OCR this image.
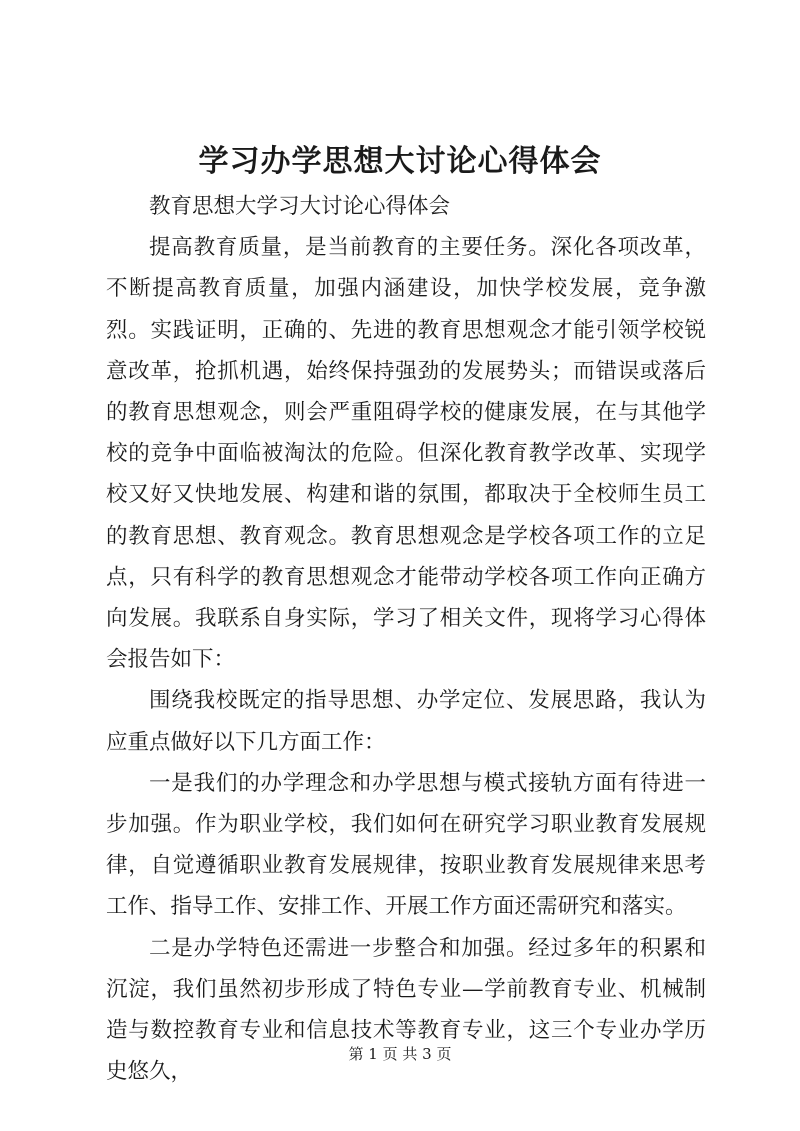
学习办学思想大讨论心得体会

教育思想大学习大讨论心得体会

提高教育质量，是当前教育的主要任务。深化各项改革，不断提高教育质量，加强内涵建设，加快学校发展，竞争激烈。实践证明，正确的、先进的教育思想观念才能引领学校锐意改革，抢抓机遇，始终保持强劲的发展势头；而错误或落后的教育思想观念，则会严重阻碍学校的健康发展，在与其他学校的竞争中面临被淘汰的危险。但深化教育教学改革、实现学校又好又快地发展、构建和谐的氛围，都取决于全校师生员工的教育思想、教育观念。教育思想观念是学校各项工作的立足点，只有科学的教育思想观念才能带动学校各项工作向正确方向发展。我联系自身实际，学习了相关文件，现将学习心得体会报告如下：

围绕我校既定的指导思想、办学定位、发展思路，我认为应重点做好以下几方面工作：

一是我们的办学理念和办学思想与模式接轨方面有待进一步加强。作为职业学校，我们如何在研究学习职业教育发展规律，自觉遵循职业教育发展规律，按职业教育发展规律来思考工作、指导工作、安排工作、开展工作方面还需研究和落实。

二是办学特色还需进一步整合和加强。经过多年的积累和沉淀，我们虽然初步形成了特色专业—学前教育专业、机械制造与数控教育专业和信息技术等教育专业，这三个专业办学历史悠久，

第 1 页 共 3 页
